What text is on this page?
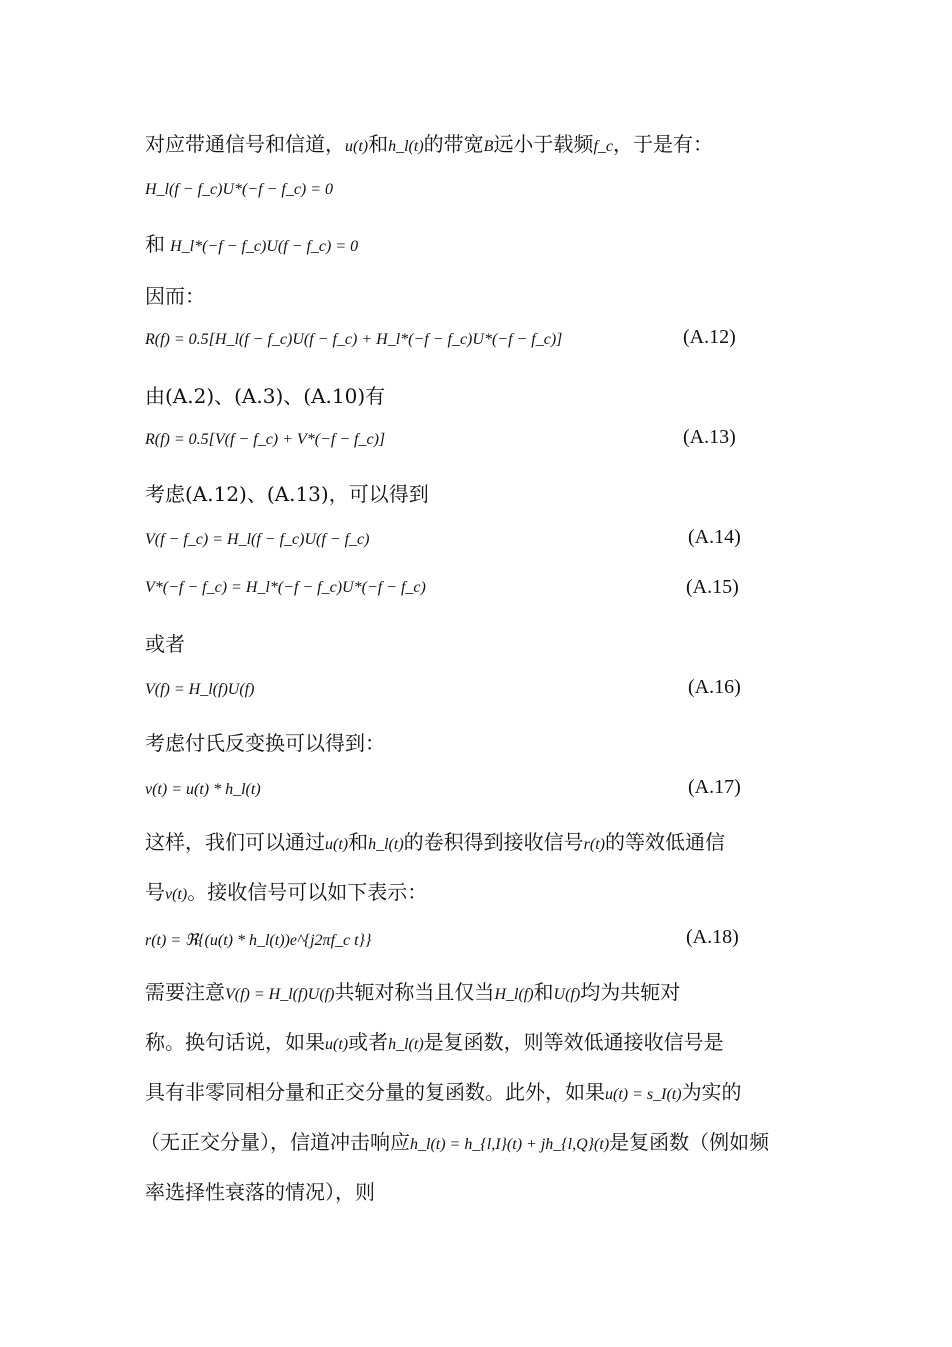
对应带通信号和信道，u(t)和h_l(t)的带宽B远小于载频f_c，于是有：
H_l(f − f_c)U*(−f − f_c) = 0
和 H_l*(−f − f_c)U(f − f_c) = 0
因而：
R(f) = 0.5[H_l(f − f_c)U(f − f_c) + H_l*(−f − f_c)U*(−f − f_c)]	(A.12)
由(A.2)、(A.3)、(A.10)有
R(f) = 0.5[V(f − f_c) + V*(−f − f_c)]	(A.13)
考虑(A.12)、(A.13)，可以得到
V(f − f_c) = H_l(f − f_c)U(f − f_c)	(A.14)
V*(−f − f_c) = H_l*(−f − f_c)U*(−f − f_c)	(A.15)
或者
V(f) = H_l(f)U(f)	(A.16)
考虑付氏反变换可以得到：
v(t) = u(t) * h_l(t)	(A.17)
这样，我们可以通过u(t)和h_l(t)的卷积得到接收信号r(t)的等效低通信
号v(t)。接收信号可以如下表示：
r(t) = ℜ{(u(t) * h_l(t))e^{j2πf_c t}}	(A.18)
需要注意V(f) = H_l(f)U(f)共轭对称当且仅当H_l(f)和U(f)均为共轭对
称。换句话说，如果u(t)或者h_l(t)是复函数，则等效低通接收信号是
具有非零同相分量和正交分量的复函数。此外，如果u(t) = s_I(t)为实的
（无正交分量），信道冲击响应h_l(t) = h_{l,I}(t) + jh_{l,Q}(t)是复函数（例如频
率选择性衰落的情况），则
